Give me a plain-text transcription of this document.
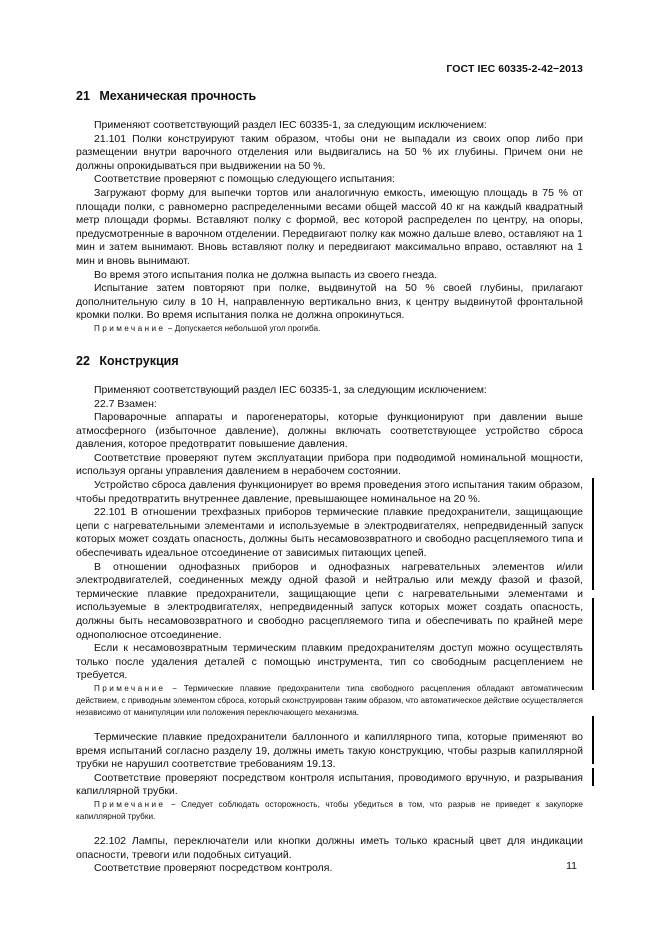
ГОСТ IEC 60335-2-42−2013
21 Механическая прочность

Применяют соответствующий раздел IEC 60335-1, за следующим исключением:

21.101 Полки конструируют таким образом, чтобы они не выпадали из своих опор либо при размещении внутри варочного отделения или выдвигались на 50 % их глубины. Причем они не должны опрокидываться при выдвижении на 50 %.

Соответствие проверяют с помощью следующего испытания:

Загружают форму для выпечки тортов или аналогичную емкость, имеющую площадь в 75 % от площади полки, с равномерно распределенными весами общей массой 40 кг на каждый квадратный метр площади формы. Вставляют полку с формой, вес которой распределен по центру, на опоры, предусмотренные в варочном отделении. Передвигают полку как можно дальше влево, оставляют на 1 мин и затем вынимают. Вновь вставляют полку и передвигают максимально вправо, оставляют на 1 мин и вновь вынимают.

Во время этого испытания полка не должна выпасть из своего гнезда.

Испытание затем повторяют при полке, выдвинутой на 50 % своей глубины, прилагают дополнительную силу в 10 Н, направленную вертикально вниз, к центру выдвинутой фронтальной кромки полки. Во время испытания полка не должна опрокинуться.

Примечание − Допускается небольшой угол прогиба.

22 Конструкция

Применяют соответствующий раздел IEC 60335-1, за следующим исключением:

22.7 Взамен:

Пароварочные аппараты и парогенераторы, которые функционируют при давлении выше атмосферного (избыточное давление), должны включать соответствующее устройство сброса давления, которое предотвратит повышение давления.

Соответствие проверяют путем эксплуатации прибора при подводимой номинальной мощности, используя органы управления давлением в нерабочем состоянии.

Устройство сброса давления функционирует во время проведения этого испытания таким образом, чтобы предотвратить внутреннее давление, превышающее номинальное на 20 %.

22.101 В отношении трехфазных приборов термические плавкие предохранители, защищающие цепи с нагревательными элементами и используемые в электродвигателях, непредвиденный запуск которых может создать опасность, должны быть несамовозвратного и свободно расцепляемого типа и обеспечивать идеальное отсоединение от зависимых питающих цепей.

В отношении однофазных приборов и однофазных нагревательных элементов и/или электродвигателей, соединенных между одной фазой и нейтралью или между фазой и фазой, термические плавкие предохранители, защищающие цепи с нагревательными элементами и используемые в электродвигателях, непредвиденный запуск которых может создать опасность, должны быть несамовозвратного и свободно расцепляемого типа и обеспечивать по крайней мере однополюсное отсоединение.

Если к несамовозвратным термическим плавким предохранителям доступ можно осуществлять только после удаления деталей с помощью инструмента, тип со свободным расцеплением не требуется.

Примечание − Термические плавкие предохранители типа свободного расцепления обладают автоматическим действием, с приводным элементом сброса, который сконструирован таким образом, что автоматическое действие осуществляется независимо от манипуляции или положения переключающего механизма.

Термические плавкие предохранители баллонного и капиллярного типа, которые применяют во время испытаний согласно разделу 19, должны иметь такую конструкцию, чтобы разрыв капиллярной трубки не нарушил соответствие требованиям 19.13.

Соответствие проверяют посредством контроля испытания, проводимого вручную, и разрывания капиллярной трубки.

Примечание − Следует соблюдать осторожность, чтобы убедиться в том, что разрыв не приведет к закупорке капиллярной трубки.

22.102 Лампы, переключатели или кнопки должны иметь только красный цвет для индикации опасности, тревоги или подобных ситуаций.

Соответствие проверяют посредством контроля.	11
